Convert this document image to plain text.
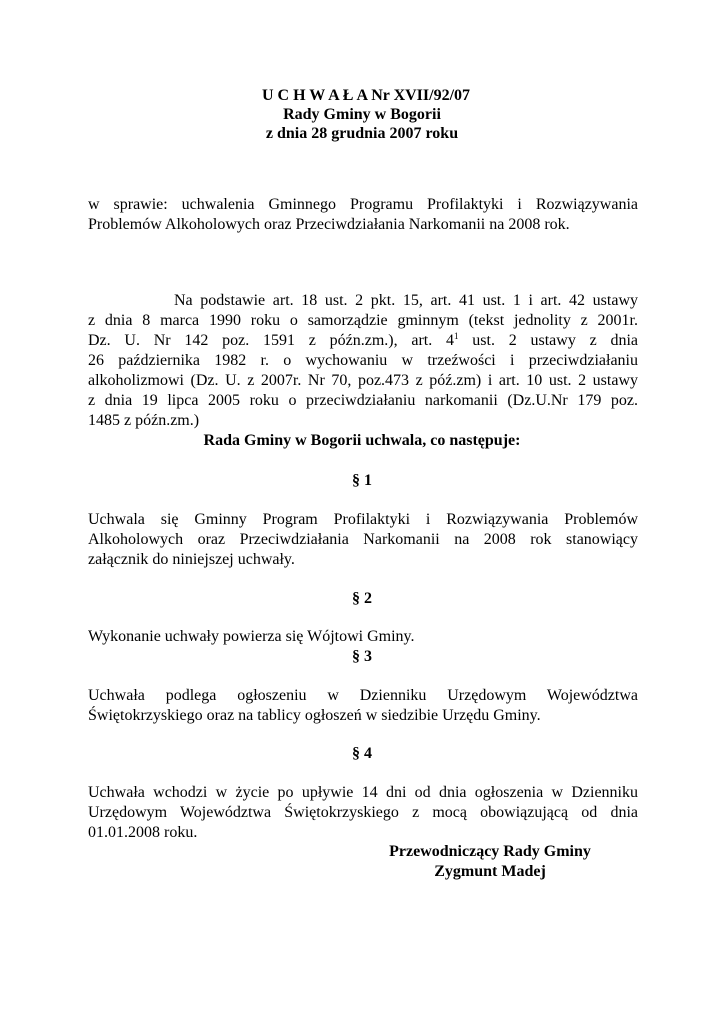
U C H W A Ł A Nr XVII/92/07
Rady Gminy w Bogorii
z dnia 28 grudnia 2007 roku
w sprawie: uchwalenia Gminnego Programu Profilaktyki i Rozwiązywania
Problemów Alkoholowych oraz Przeciwdziałania Narkomanii na 2008 rok.
Na podstawie art. 18 ust. 2 pkt. 15, art. 41 ust. 1 i art. 42 ustawy
z dnia 8 marca 1990 roku o samorządzie gminnym (tekst jednolity z 2001r.
Dz. U. Nr 142 poz. 1591 z późn.zm.), art. $4^1$ ust. 2 ustawy z dnia
26 października 1982 r. o wychowaniu w trzeźwości i przeciwdziałaniu
alkoholizmowi (Dz. U. z 2007r. Nr 70, poz.473 z póź.zm) i art. 10 ust. 2 ustawy
z dnia 19 lipca 2005 roku o przeciwdziałaniu narkomanii (Dz.U.Nr 179 poz.
1485 z późn.zm.)
Rada Gminy w Bogorii uchwala, co następuje:
§ 1
Uchwala się Gminny Program Profilaktyki i Rozwiązywania Problemów
Alkoholowych oraz Przeciwdziałania Narkomanii na 2008 rok stanowiący
załącznik do niniejszej uchwały.
§ 2
Wykonanie uchwały powierza się Wójtowi Gminy.
§ 3
Uchwała podlega ogłoszeniu w Dzienniku Urzędowym Województwa
Świętokrzyskiego oraz na tablicy ogłoszeń w siedzibie Urzędu Gminy.
§ 4
Uchwała wchodzi w życie po upływie 14 dni od dnia ogłoszenia w Dzienniku
Urzędowym Województwa Świętokrzyskiego z mocą obowiązującą od dnia
01.01.2008 roku.
Przewodniczący Rady Gminy
Zygmunt Madej
